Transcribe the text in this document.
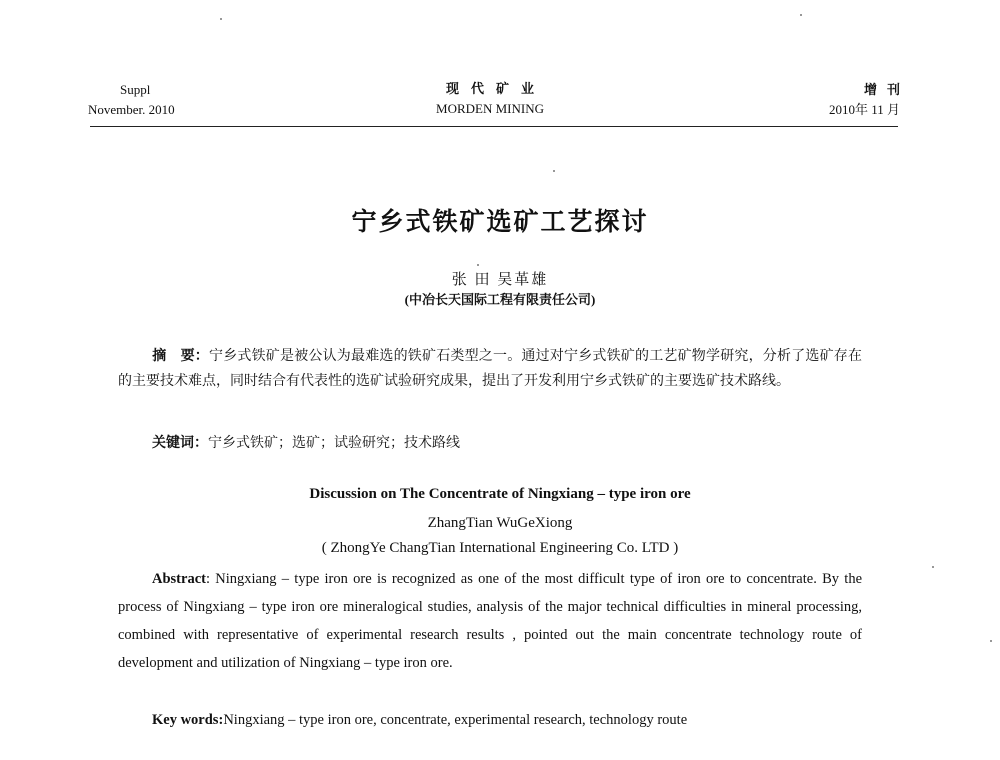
Suppl
November. 2010
现代矿业
MORDEN MINING
增刊
2010年 11 月
宁乡式铁矿选矿工艺探讨
张 田 吴革雄
(中冶长天国际工程有限责任公司)
摘　要：宁乡式铁矿是被公认为最难选的铁矿石类型之一。通过对宁乡式铁矿的工艺矿物学研究，分析了选矿存在的主要技术难点，同时结合有代表性的选矿试验研究成果，提出了开发利用宁乡式铁矿的主要选矿技术路线。
关键词：宁乡式铁矿；选矿；试验研究；技术路线
Discussion on The Concentrate of Ningxiang – type iron ore
ZhangTian WuGeXiong
( ZhongYe ChangTian International Engineering Co. LTD )
Abstract: Ningxiang – type iron ore is recognized as one of the most difficult type of iron ore to concentrate. By the process of Ningxiang – type iron ore mineralogical studies, analysis of the major technical difficulties in mineral processing, combined with representative of experimental research results , pointed out the main concentrate technology route of development and utilization of Ningxiang – type iron ore.
Key words:Ningxiang – type iron ore, concentrate, experimental research, technology route
